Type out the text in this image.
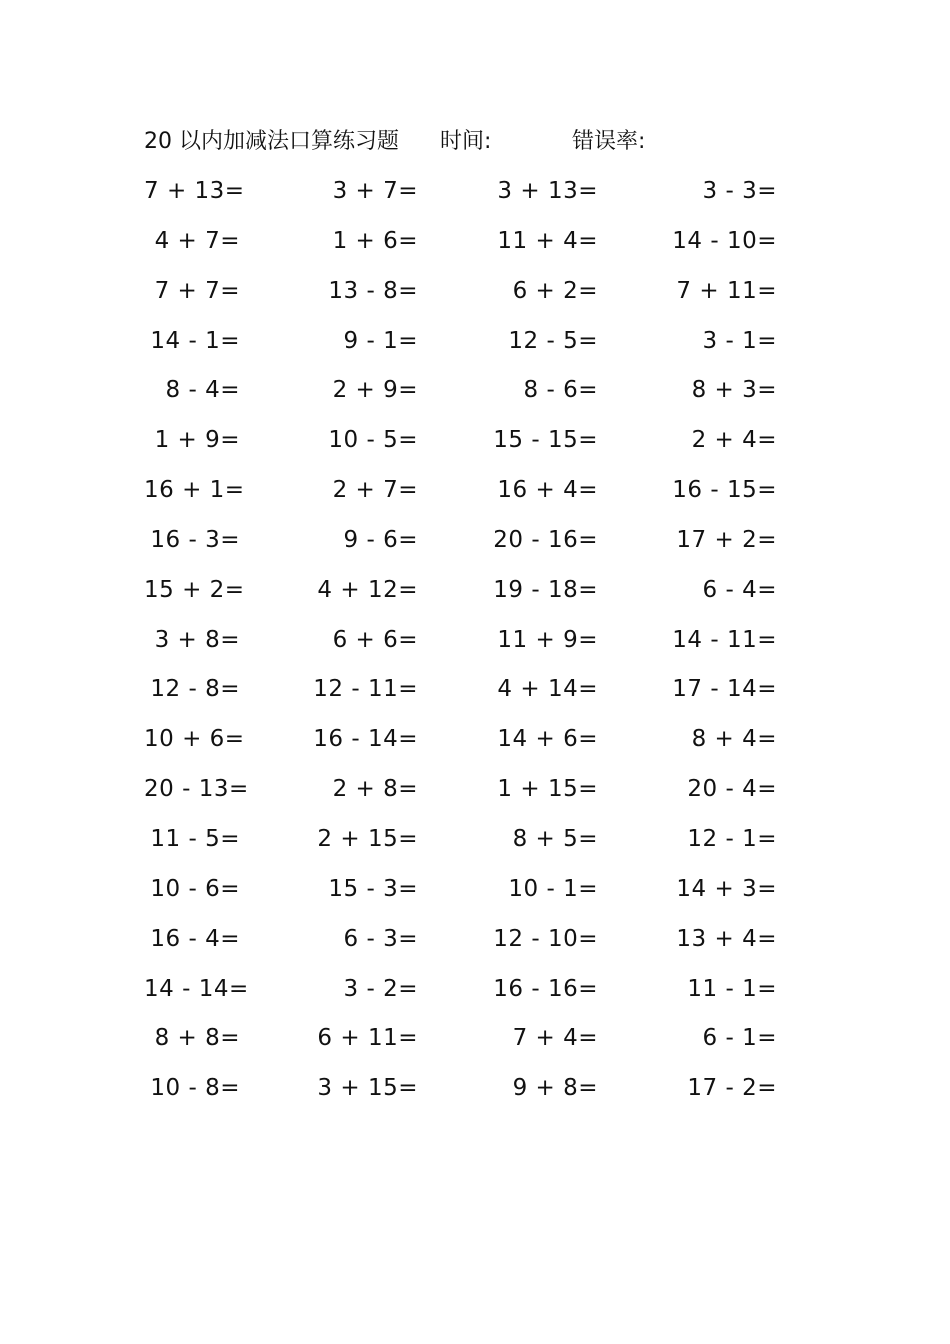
20 以内加减法口算练习题 时间:	错误率:
7 + 13=	3 + 7=	3 + 13=	3 - 3=
4 + 7=	1 + 6=	11 + 4=	14 - 10=
7 + 7=	13 - 8=	6 + 2=	7 + 11=
14 - 1=	9 - 1=	12 - 5=	3 - 1=
8 - 4=	2 + 9=	8 - 6=	8 + 3=
1 + 9=	10 - 5=	15 - 15=	2 + 4=
16 + 1=	2 + 7=	16 + 4=	16 - 15=
16 - 3=	9 - 6=	20 - 16=	17 + 2=
15 + 2=	4 + 12=	19 - 18=	6 - 4=
3 + 8=	6 + 6=	11 + 9=	14 - 11=
12 - 8=	12 - 11=	4 + 14=	17 - 14=
10 + 6=	16 - 14=	14 + 6=	8 + 4=
20 - 13=	2 + 8=	1 + 15=	20 - 4=
11 - 5=	2 + 15=	8 + 5=	12 - 1=
10 - 6=	15 - 3=	10 - 1=	14 + 3=
16 - 4=	6 - 3=	12 - 10=	13 + 4=
14 - 14=	3 - 2=	16 - 16=	11 - 1=
8 + 8=	6 + 11=	7 + 4=	6 - 1=
10 - 8=	3 + 15=	9 + 8=	17 - 2=
